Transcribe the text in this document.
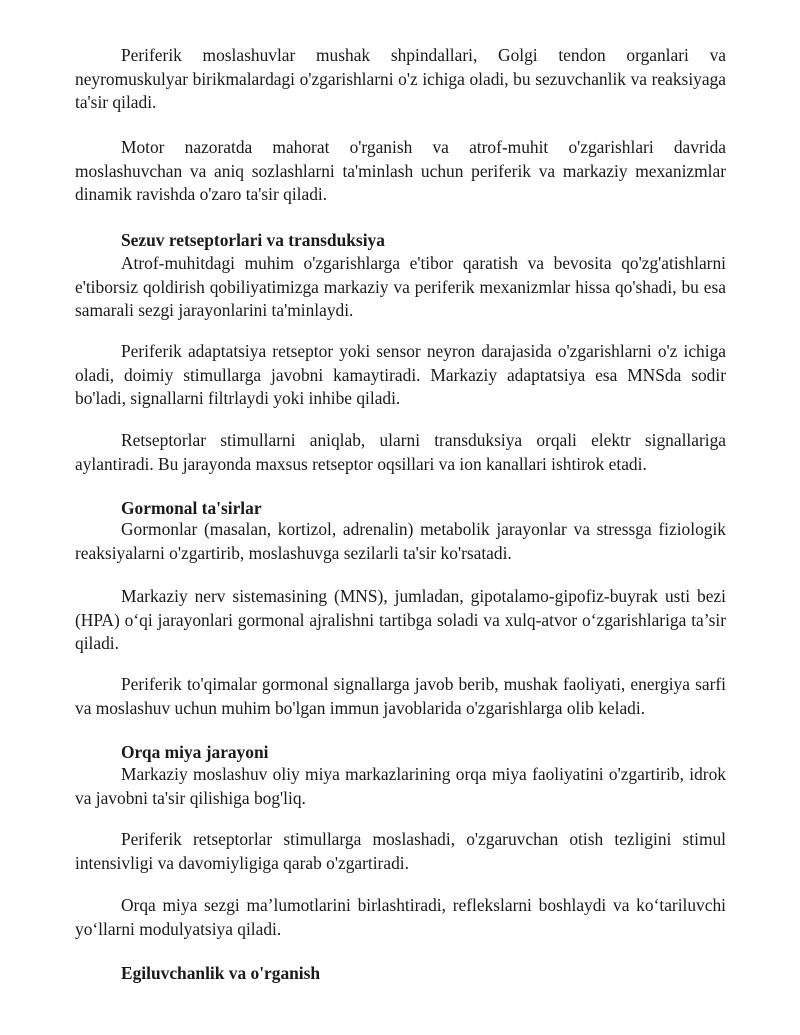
Periferik moslashuvlar mushak shpindallari, Golgi tendon organlari va neyromuskulyar birikmalardagi o'zgarishlarni o'z ichiga oladi, bu sezuvchanlik va reaksiyaga ta'sir qiladi.

Motor nazoratda mahorat o'rganish va atrof-muhit o'zgarishlari davrida moslashuvchan va aniq sozlashlarni ta'minlash uchun periferik va markaziy mexanizmlar dinamik ravishda o'zaro ta'sir qiladi.

Sezuv retseptorlari va transduksiya

Atrof-muhitdagi muhim o'zgarishlarga e'tibor qaratish va bevosita qo'zg'atishlarni e'tiborsiz qoldirish qobiliyatimizga markaziy va periferik mexanizmlar hissa qo'shadi, bu esa samarali sezgi jarayonlarini ta'minlaydi.

Periferik adaptatsiya retseptor yoki sensor neyron darajasida o'zgarishlarni o'z ichiga oladi, doimiy stimullarga javobni kamaytiradi. Markaziy adaptatsiya esa MNSda sodir bo'ladi, signallarni filtrlaydi yoki inhibe qiladi.

Retseptorlar stimullarni aniqlab, ularni transduksiya orqali elektr signallariga aylantiradi. Bu jarayonda maxsus retseptor oqsillari va ion kanallari ishtirok etadi.

Gormonal ta'sirlar

Gormonlar (masalan, kortizol, adrenalin) metabolik jarayonlar va stressga fiziologik reaksiyalarni o'zgartirib, moslashuvga sezilarli ta'sir ko'rsatadi.

Markaziy nerv sistemasining (MNS), jumladan, gipotalamo-gipofiz-buyrak usti bezi (HPA) o‘qi jarayonlari gormonal ajralishni tartibga soladi va xulq-atvor o‘zgarishlariga ta’sir qiladi.

Periferik to'qimalar gormonal signallarga javob berib, mushak faoliyati, energiya sarfi va moslashuv uchun muhim bo'lgan immun javoblarida o'zgarishlarga olib keladi.

Orqa miya jarayoni

Markaziy moslashuv oliy miya markazlarining orqa miya faoliyatini o'zgartirib, idrok va javobni ta'sir qilishiga bog'liq.

Periferik retseptorlar stimullarga moslashadi, o'zgaruvchan otish tezligini stimul intensivligi va davomiyligiga qarab o'zgartiradi.

Orqa miya sezgi ma’lumotlarini birlashtiradi, reflekslarni boshlaydi va ko‘tariluvchi yo‘llarni modulyatsiya qiladi.

Egiluvchanlik va o'rganish
